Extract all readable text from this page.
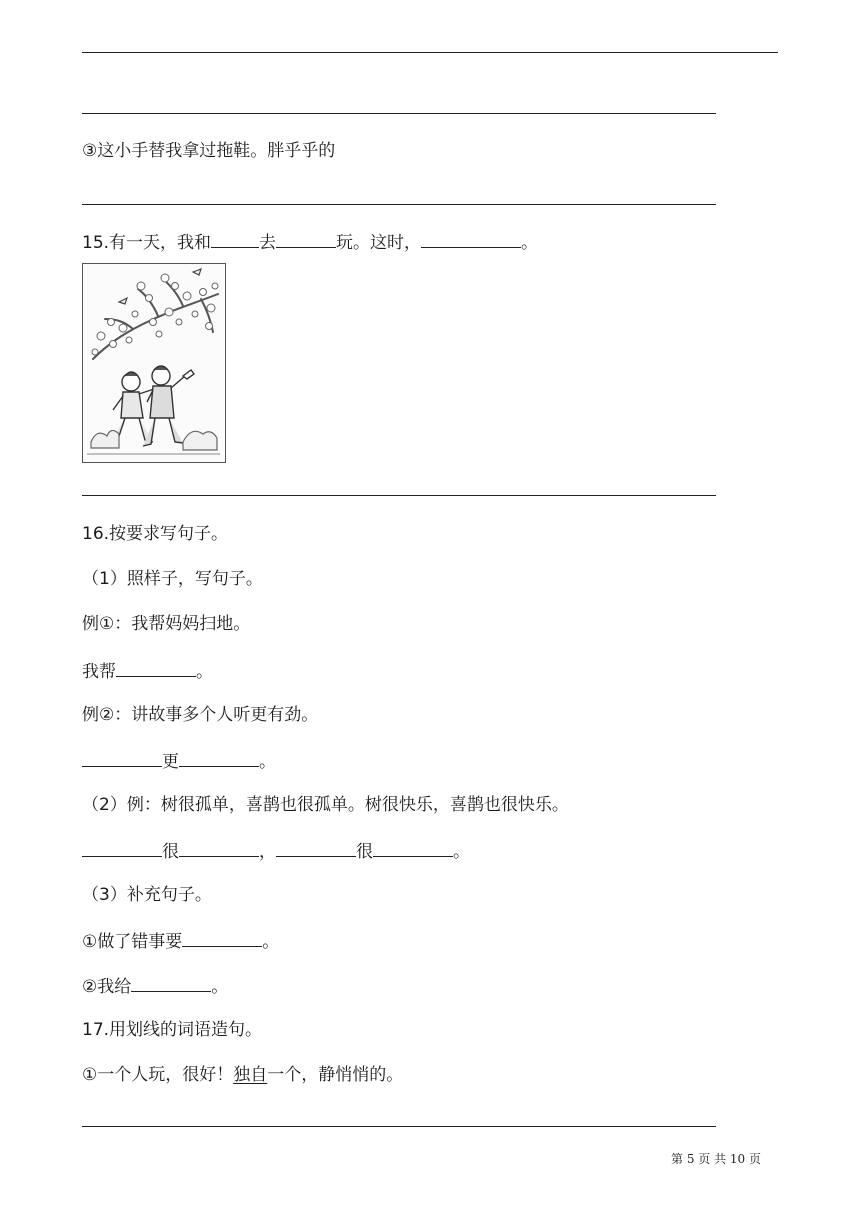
③这小手替我拿过拖鞋。胖乎乎的
15.有一天，我和	去	玩。这时，	。
16.按要求写句子。
（1）照样子，写句子。
例①：我帮妈妈扫地。
我帮	。
例②：讲故事多个人听更有劲。
更	。
（2）例：树很孤单，喜鹊也很孤单。树很快乐，喜鹊也很快乐。
很	，	很	。
（3）补充句子。
①做了错事要	。
②我给	。
17.用划线的词语造句。
①一个人玩，很好！独自一个，静悄悄的。
第 5 页 共 10 页
